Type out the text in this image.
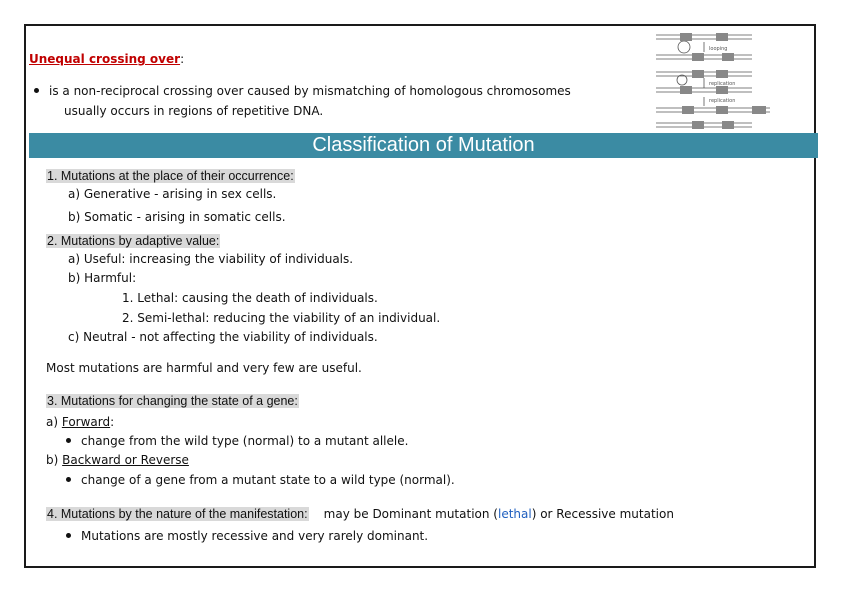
Unequal crossing over:
is a non-reciprocal crossing over caused by mismatching of homologous chromosomes
usually occurs in regions of repetitive DNA.
looping
replication
replication
Classification of Mutation
1. Mutations at the place of their occurrence:
a) Generative - arising in sex cells.
b) Somatic - arising in somatic cells.
2. Mutations by adaptive value:
a) Useful: increasing the viability of individuals.
b) Harmful:
1. Lethal: causing the death of individuals.
2. Semi-lethal: reducing the viability of an individual.
c) Neutral - not affecting the viability of individuals.
Most mutations are harmful and very few are useful.
3. Mutations for changing the state of a gene:
a) Forward:
change from the wild type (normal) to a mutant allele.
b) Backward or Reverse
change of a gene from a mutant state to a wild type (normal).
4. Mutations by the nature of the manifestation: may be Dominant mutation (lethal) or Recessive mutation
Mutations are mostly recessive and very rarely dominant.
